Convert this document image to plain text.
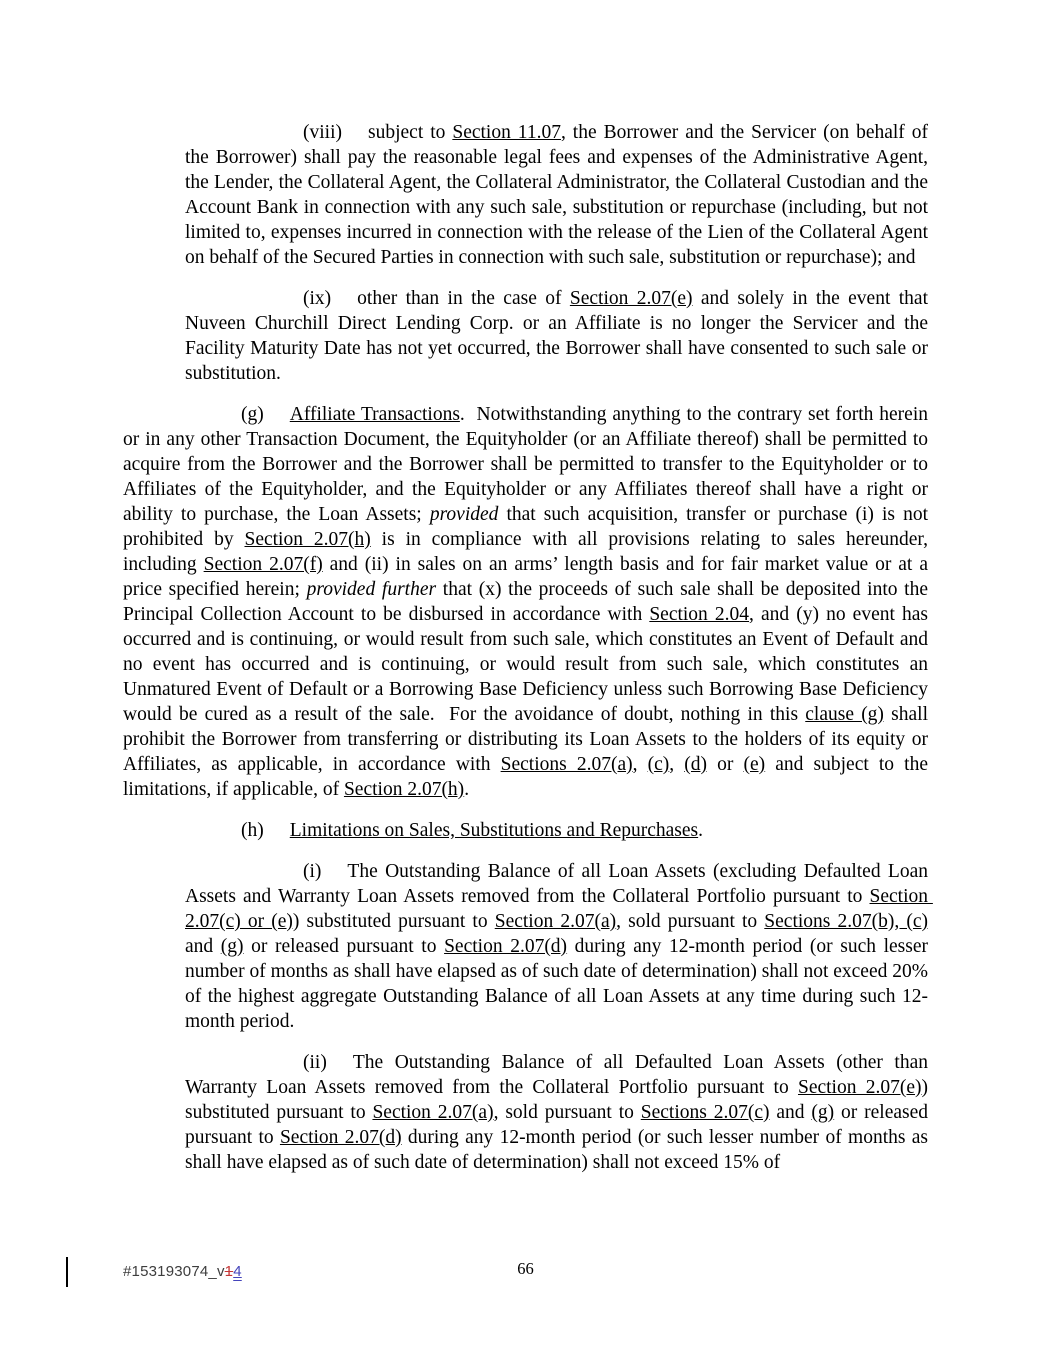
(viii) subject to Section 11.07, the Borrower and the Servicer (on behalf of the Borrower) shall pay the reasonable legal fees and expenses of the Administrative Agent, the Lender, the Collateral Agent, the Collateral Administrator, the Collateral Custodian and the Account Bank in connection with any such sale, substitution or repurchase (including, but not limited to, expenses incurred in connection with the release of the Lien of the Collateral Agent on behalf of the Secured Parties in connection with such sale, substitution or repurchase); and

(ix) other than in the case of Section 2.07(e) and solely in the event that Nuveen Churchill Direct Lending Corp. or an Affiliate is no longer the Servicer and the Facility Maturity Date has not yet occurred, the Borrower shall have consented to such sale or substitution.

(g) Affiliate Transactions.  Notwithstanding anything to the contrary set forth herein or in any other Transaction Document, the Equityholder (or an Affiliate thereof) shall be permitted to acquire from the Borrower and the Borrower shall be permitted to transfer to the Equityholder or to Affiliates of the Equityholder, and the Equityholder or any Affiliates thereof shall have a right or ability to purchase, the Loan Assets; provided that such acquisition, transfer or purchase (i) is not prohibited by Section 2.07(h) is in compliance with all provisions relating to sales hereunder, including Section 2.07(f) and (ii) in sales on an arms’ length basis and for fair market value or at a price specified herein; provided further that (x) the proceeds of such sale shall be deposited into the Principal Collection Account to be disbursed in accordance with Section 2.04, and (y) no event has occurred and is continuing, or would result from such sale, which constitutes an Event of Default and no event has occurred and is continuing, or would result from such sale, which constitutes an Unmatured Event of Default or a Borrowing Base Deficiency unless such Borrowing Base Deficiency would be cured as a result of the sale.  For the avoidance of doubt, nothing in this clause (g) shall prohibit the Borrower from transferring or distributing its Loan Assets to the holders of its equity or Affiliates, as applicable, in accordance with Sections 2.07(a), (c), (d) or (e) and subject to the limitations, if applicable, of Section 2.07(h).

(h) Limitations on Sales, Substitutions and Repurchases.

(i) The Outstanding Balance of all Loan Assets (excluding Defaulted Loan Assets and Warranty Loan Assets removed from the Collateral Portfolio pursuant to Section 2.07(c) or (e)) substituted pursuant to Section 2.07(a), sold pursuant to Sections 2.07(b), (c) and (g) or released pursuant to Section 2.07(d) during any 12-month period (or such lesser number of months as shall have elapsed as of such date of determination) shall not exceed 20% of the highest aggregate Outstanding Balance of all Loan Assets at any time during such 12-month period.

(ii) The Outstanding Balance of all Defaulted Loan Assets (other than Warranty Loan Assets removed from the Collateral Portfolio pursuant to Section 2.07(e)) substituted pursuant to Section 2.07(a), sold pursuant to Sections 2.07(c) and (g) or released pursuant to Section 2.07(d) during any 12-month period (or such lesser number of months as shall have elapsed as of such date of determination) shall not exceed 15% of

#153193074_v14	66
